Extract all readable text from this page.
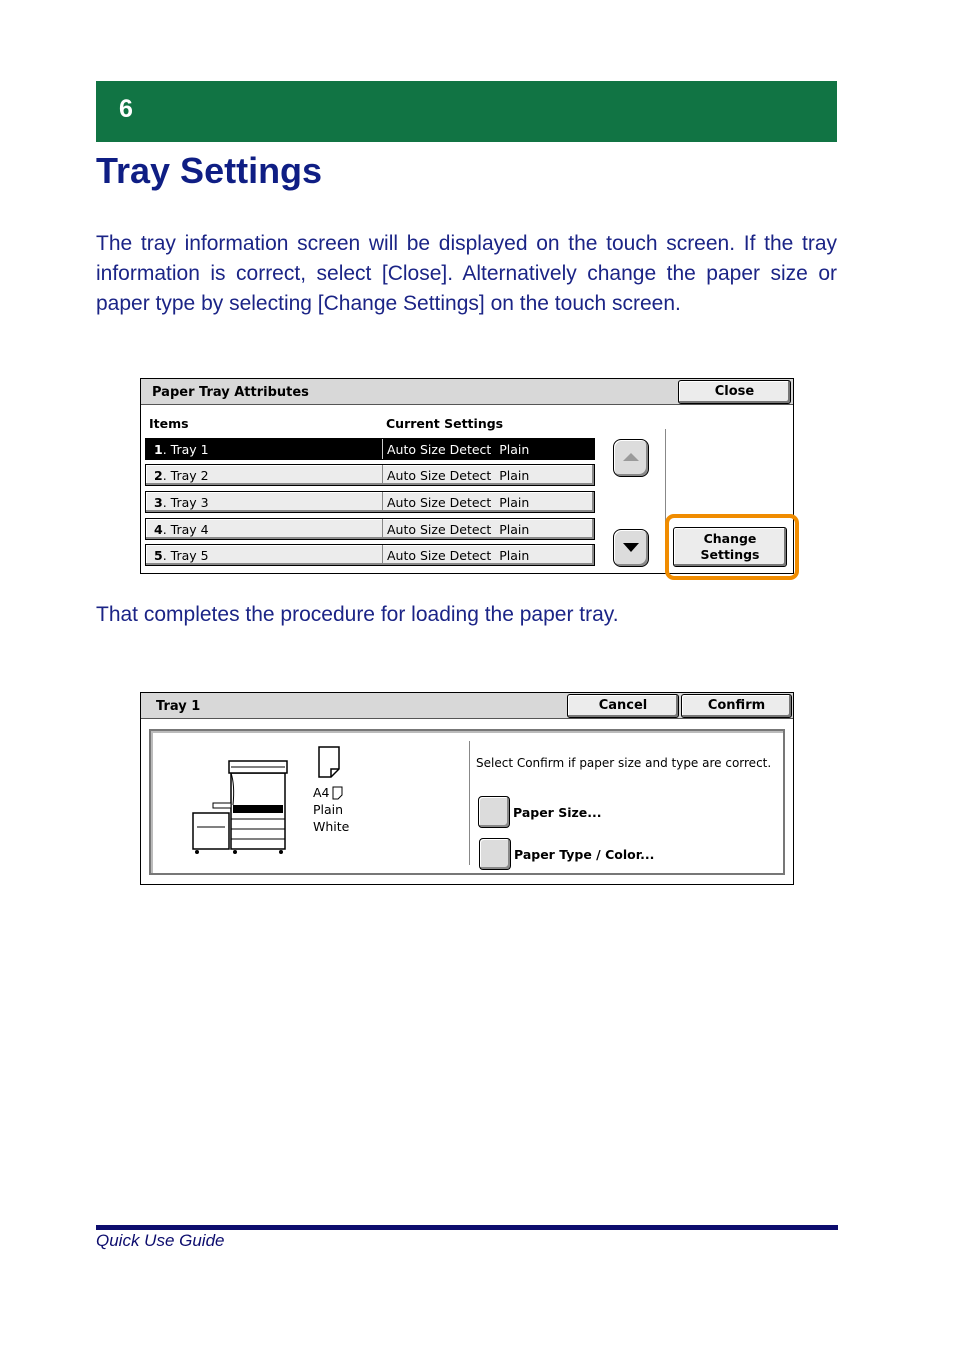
6
Tray Settings

The tray information screen will be displayed on the touch screen. If the tray information is correct, select [Close]. Alternatively change the paper size or paper type by selecting [Change Settings] on the touch screen.

Paper Tray Attributes	Close
Items	Current Settings
1. Tray 1	Auto Size Detect  Plain
2. Tray 2	Auto Size Detect  Plain
3. Tray 3	Auto Size Detect  Plain
4. Tray 4	Auto Size Detect  Plain
5. Tray 5	Auto Size Detect  Plain
Change
Settings

That completes the procedure for loading the paper tray.

Tray 1	Cancel	Confirm
A4
Plain
White
Select Confirm if paper size and type are correct.
Paper Size...
Paper Type / Color...
Quick Use Guide
